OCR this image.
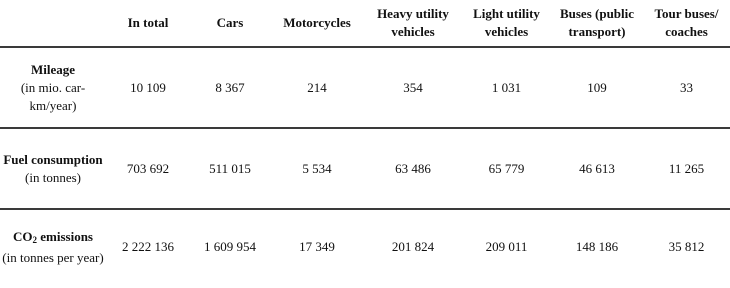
	In total	Cars	Motorcycles	Heavy utility vehicles	Light utility vehicles	Buses (public transport)	Tour buses/ coaches

Mileage
(in mio. car-km/year)	10 109	8 367	214	354	1 031	109	33

Fuel consumption
(in tonnes)	703 692	511 015	5 534	63 486	65 779	46 613	11 265

$CO_2$ emissions
(in tonnes per year)	2 222 136	1 609 954	17 349	201 824	209 011	148 186	35 812
